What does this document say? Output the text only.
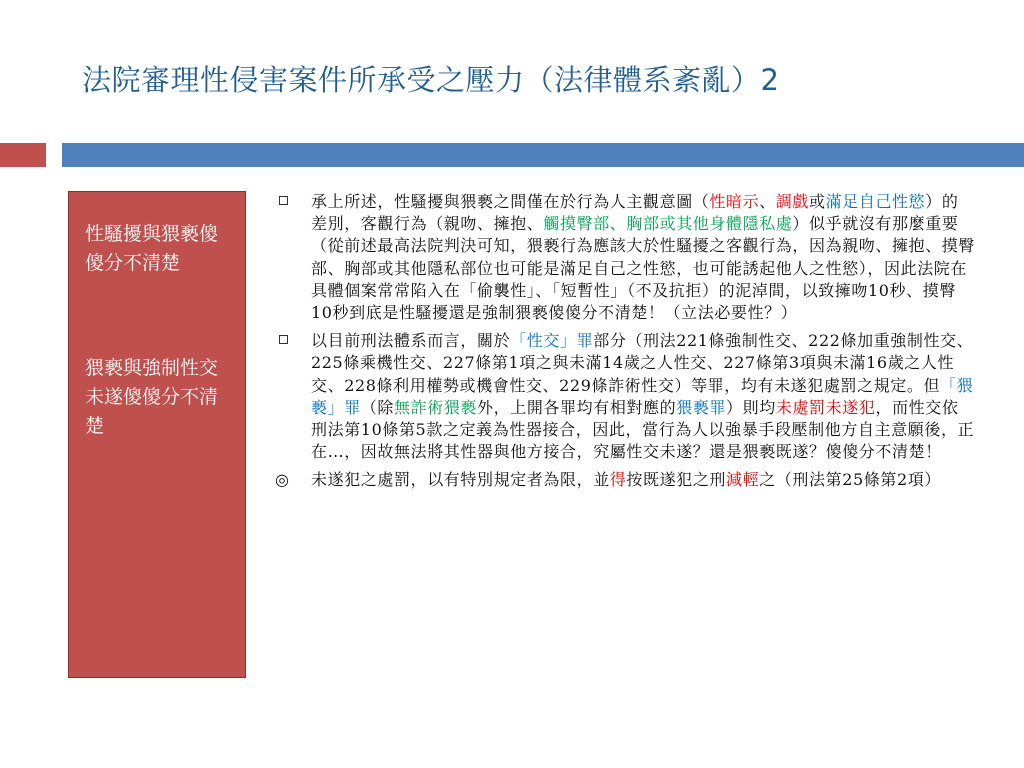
法院審理性侵害案件所承受之壓力（法律體系紊亂）2

性騷擾與猥褻傻傻分不清楚

猥褻與強制性交未遂傻傻分不清楚

承上所述，性騷擾與猥褻之間僅在於行為人主觀意圖（性暗示、調戲或滿足自己性慾）的差別，客觀行為（親吻、擁抱、觸摸臀部、胸部或其他身體隱私處）似乎就沒有那麼重要（從前述最高法院判決可知，猥褻行為應該大於性騷擾之客觀行為，因為親吻、擁抱、摸臀部、胸部或其他隱私部位也可能是滿足自己之性慾，也可能誘起他人之性慾），因此法院在具體個案常常陷入在「偷襲性」、「短暫性」（不及抗拒）的泥淖間，以致擁吻10秒、摸臀10秒到底是性騷擾還是強制猥褻傻傻分不清楚！（立法必要性？）
以目前刑法體系而言，關於「性交」罪部分（刑法221條強制性交、222條加重強制性交、225條乘機性交、227條第1項之與未滿14歲之人性交、227條第3項與未滿16歲之人性交、228條利用權勢或機會性交、229條詐術性交）等罪，均有未遂犯處罰之規定。但「猥褻」罪（除無詐術猥褻外，上開各罪均有相對應的猥褻罪）則均未處罰未遂犯，而性交依刑法第10條第5款之定義為性器接合，因此，當行為人以強暴手段壓制他方自主意願後，正在…，因故無法將其性器與他方接合，究屬性交未遂？還是猥褻既遂？傻傻分不清楚！
◎ 未遂犯之處罰，以有特別規定者為限，並得按既遂犯之刑減輕之（刑法第25條第2項）
